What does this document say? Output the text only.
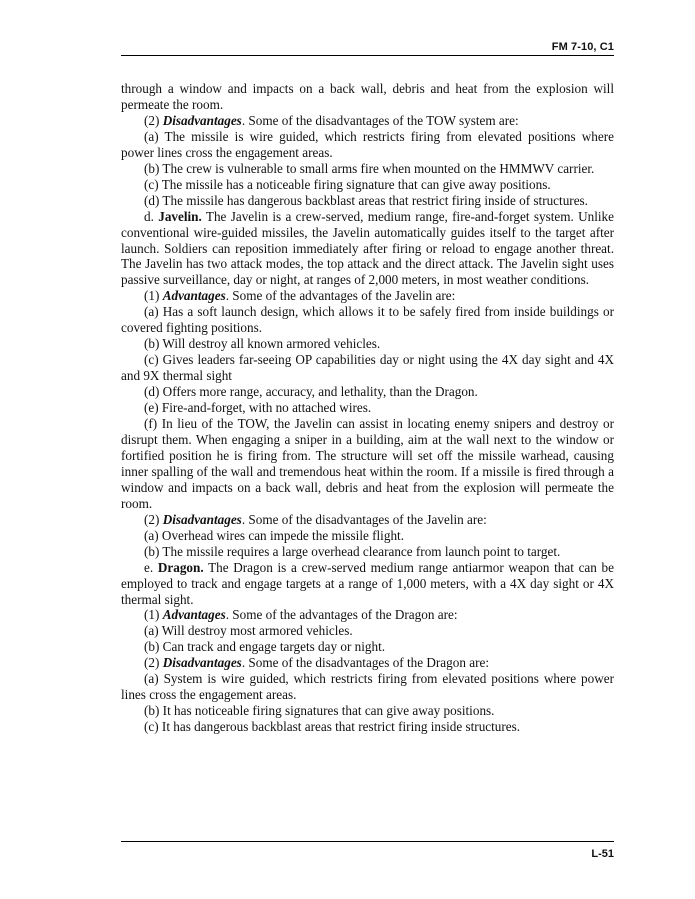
FM 7-10, C1

through a window and impacts on a back wall, debris and heat from the explosion will permeate the room.

(2) Disadvantages. Some of the disadvantages of the TOW system are:

(a) The missile is wire guided, which restricts firing from elevated positions where power lines cross the engagement areas.

(b) The crew is vulnerable to small arms fire when mounted on the HMMWV carrier.

(c) The missile has a noticeable firing signature that can give away positions.

(d) The missile has dangerous backblast areas that restrict firing inside of structures.

d. Javelin. The Javelin is a crew-served, medium range, fire-and-forget system. Unlike conventional wire-guided missiles, the Javelin automatically guides itself to the target after launch. Soldiers can reposition immediately after firing or reload to engage another threat. The Javelin has two attack modes, the top attack and the direct attack. The Javelin sight uses passive surveillance, day or night, at ranges of 2,000 meters, in most weather conditions.

(1) Advantages. Some of the advantages of the Javelin are:

(a) Has a soft launch design, which allows it to be safely fired from inside buildings or covered fighting positions.

(b) Will destroy all known armored vehicles.

(c) Gives leaders far-seeing OP capabilities day or night using the 4X day sight and 4X and 9X thermal sight

(d) Offers more range, accuracy, and lethality, than the Dragon.

(e) Fire-and-forget, with no attached wires.

(f) In lieu of the TOW, the Javelin can assist in locating enemy snipers and destroy or disrupt them. When engaging a sniper in a building, aim at the wall next to the window or fortified position he is firing from. The structure will set off the missile warhead, causing inner spalling of the wall and tremendous heat within the room. If a missile is fired through a window and impacts on a back wall, debris and heat from the explosion will permeate the room.

(2) Disadvantages. Some of the disadvantages of the Javelin are:

(a) Overhead wires can impede the missile flight.

(b) The missile requires a large overhead clearance from launch point to target.

e. Dragon. The Dragon is a crew-served medium range antiarmor weapon that can be employed to track and engage targets at a range of 1,000 meters, with a 4X day sight or 4X thermal sight.

(1) Advantages. Some of the advantages of the Dragon are:

(a) Will destroy most armored vehicles.

(b) Can track and engage targets day or night.

(2) Disadvantages. Some of the disadvantages of the Dragon are:

(a) System is wire guided, which restricts firing from elevated positions where power lines cross the engagement areas.

(b) It has noticeable firing signatures that can give away positions.

(c) It has dangerous backblast areas that restrict firing inside structures.

L-51
